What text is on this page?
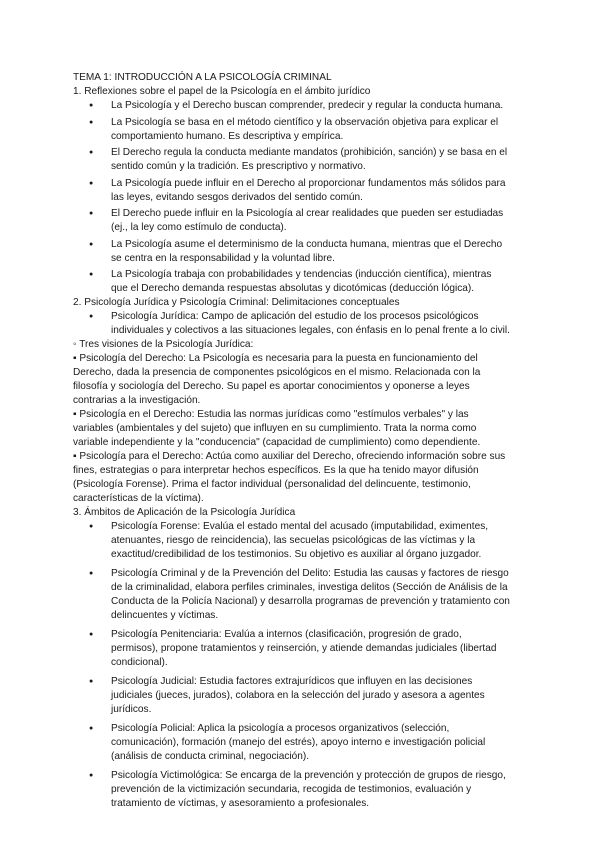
TEMA 1: INTRODUCCIÓN A LA PSICOLOGÍA CRIMINAL
1. Reflexiones sobre el papel de la Psicología en el ámbito jurídico
● La Psicología y el Derecho buscan comprender, predecir y regular la conducta humana.
● La Psicología se basa en el método científico y la observación objetiva para explicar el
comportamiento humano. Es descriptiva y empírica.
● El Derecho regula la conducta mediante mandatos (prohibición, sanción) y se basa en el
sentido común y la tradición. Es prescriptivo y normativo.
● La Psicología puede influir en el Derecho al proporcionar fundamentos más sólidos para
las leyes, evitando sesgos derivados del sentido común.
● El Derecho puede influir en la Psicología al crear realidades que pueden ser estudiadas
(ej., la ley como estímulo de conducta).
● La Psicología asume el determinismo de la conducta humana, mientras que el Derecho
se centra en la responsabilidad y la voluntad libre.
● La Psicología trabaja con probabilidades y tendencias (inducción científica), mientras
que el Derecho demanda respuestas absolutas y dicotómicas (deducción lógica).
2. Psicología Jurídica y Psicología Criminal: Delimitaciones conceptuales
● Psicología Jurídica: Campo de aplicación del estudio de los procesos psicológicos
individuales y colectivos a las situaciones legales, con énfasis en lo penal frente a lo civil.
◦ Tres visiones de la Psicología Jurídica:
▪ Psicología del Derecho: La Psicología es necesaria para la puesta en funcionamiento del
Derecho, dada la presencia de componentes psicológicos en el mismo. Relacionada con la
filosofía y sociología del Derecho. Su papel es aportar conocimientos y oponerse a leyes
contrarias a la investigación.
▪ Psicología en el Derecho: Estudia las normas jurídicas como "estímulos verbales" y las
variables (ambientales y del sujeto) que influyen en su cumplimiento. Trata la norma como
variable independiente y la "conducencia" (capacidad de cumplimiento) como dependiente.
▪ Psicología para el Derecho: Actúa como auxiliar del Derecho, ofreciendo información sobre sus
fines, estrategias o para interpretar hechos específicos. Es la que ha tenido mayor difusión
(Psicología Forense). Prima el factor individual (personalidad del delincuente, testimonio,
características de la víctima).
3. Ámbitos de Aplicación de la Psicología Jurídica
● Psicología Forense: Evalúa el estado mental del acusado (imputabilidad, eximentes,
atenuantes, riesgo de reincidencia), las secuelas psicológicas de las víctimas y la
exactitud/credibilidad de los testimonios. Su objetivo es auxiliar al órgano juzgador.
● Psicología Criminal y de la Prevención del Delito: Estudia las causas y factores de riesgo
de la criminalidad, elabora perfiles criminales, investiga delitos (Sección de Análisis de la
Conducta de la Policía Nacional) y desarrolla programas de prevención y tratamiento con
delincuentes y víctimas.
● Psicología Penitenciaria: Evalúa a internos (clasificación, progresión de grado,
permisos), propone tratamientos y reinserción, y atiende demandas judiciales (libertad
condicional).
● Psicología Judicial: Estudia factores extrajurídicos que influyen en las decisiones
judiciales (jueces, jurados), colabora en la selección del jurado y asesora a agentes
jurídicos.
● Psicología Policial: Aplica la psicología a procesos organizativos (selección,
comunicación), formación (manejo del estrés), apoyo interno e investigación policial
(análisis de conducta criminal, negociación).
● Psicología Victimológica: Se encarga de la prevención y protección de grupos de riesgo,
prevención de la victimización secundaria, recogida de testimonios, evaluación y
tratamiento de víctimas, y asesoramiento a profesionales.
